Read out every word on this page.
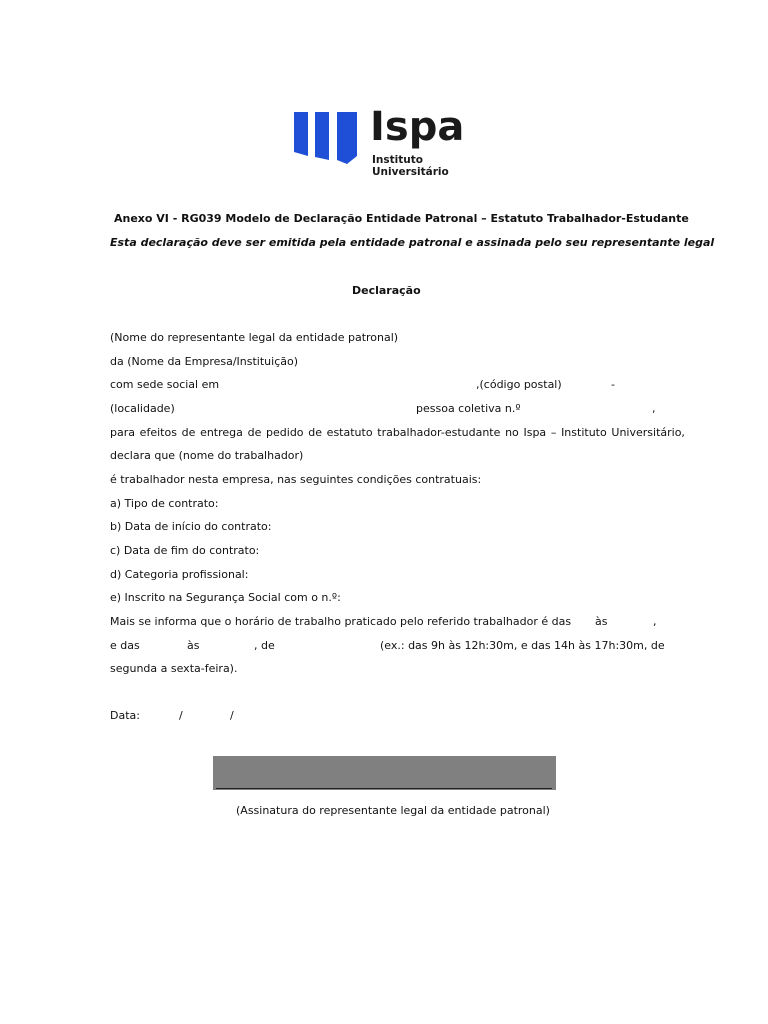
Ispa
Instituto
Universitário
Anexo VI - RG039 Modelo de Declaração Entidade Patronal – Estatuto Trabalhador-Estudante
Esta declaração deve ser emitida pela entidade patronal e assinada pelo seu representante legal
Declaração
(Nome do representante legal da entidade patronal)
da (Nome da Empresa/Instituição)
com sede social em	,(código postal)	-
(localidade)	pessoa coletiva n.º	,
para efeitos de entrega de pedido de estatuto trabalhador-estudante no Ispa – Instituto Universitário,
declara que (nome do trabalhador)
é trabalhador nesta empresa, nas seguintes condições contratuais:
a) Tipo de contrato:
b) Data de início do contrato:
c) Data de fim do contrato:
d) Categoria profissional:
e) Inscrito na Segurança Social com o n.º:
Mais se informa que o horário de trabalho praticado pelo referido trabalhador é das às	,
e das	às	, de	(ex.: das 9h às 12h:30m, e das 14h às 17h:30m, de
segunda a sexta-feira).
Data:	/	/
(Assinatura do representante legal da entidade patronal)
